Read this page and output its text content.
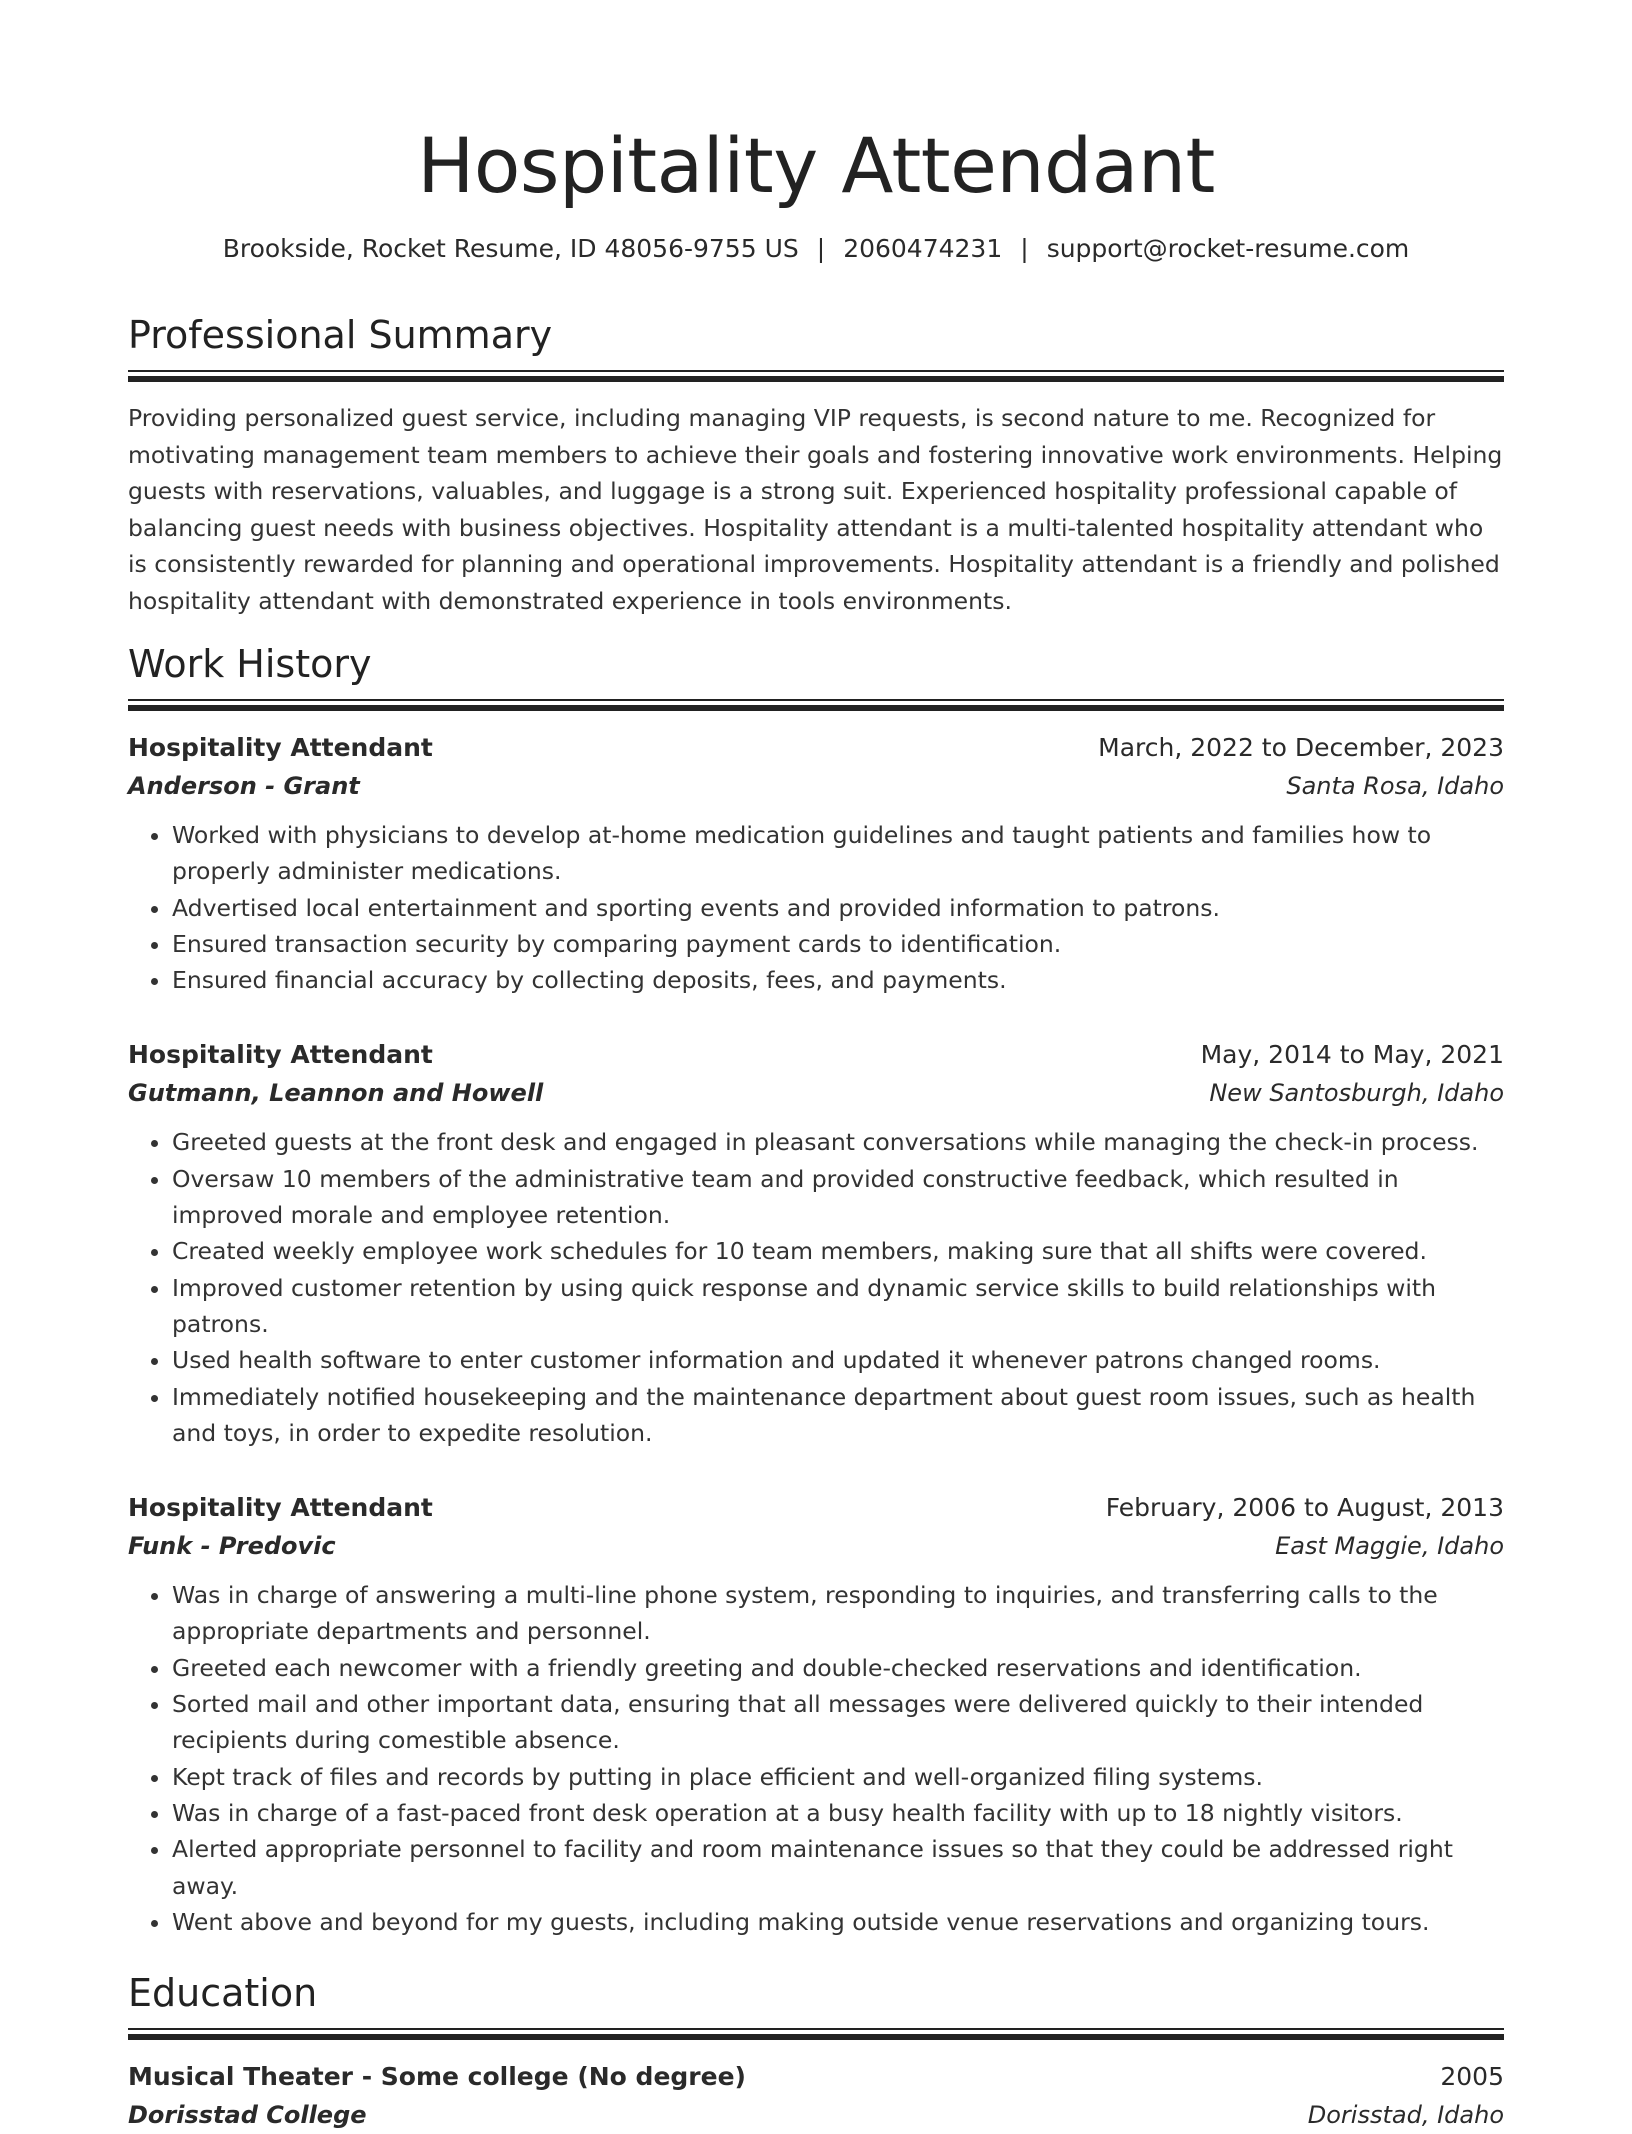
Hospitality Attendant
Brookside, Rocket Resume, ID 48056-9755 US | 2060474231 | support@rocket-resume.com
Professional Summary
Providing personalized guest service, including managing VIP requests, is second nature to me. Recognized for motivating management team members to achieve their goals and fostering innovative work environments. Helping guests with reservations, valuables, and luggage is a strong suit. Experienced hospitality professional capable of balancing guest needs with business objectives. Hospitality attendant is a multi-talented hospitality attendant who is consistently rewarded for planning and operational improvements. Hospitality attendant is a friendly and polished hospitality attendant with demonstrated experience in tools environments.
Work History
Hospitality Attendant	March, 2022 to December, 2023
Anderson - Grant	Santa Rosa, Idaho
• Worked with physicians to develop at-home medication guidelines and taught patients and families how to properly administer medications.
• Advertised local entertainment and sporting events and provided information to patrons.
• Ensured transaction security by comparing payment cards to identification.
• Ensured financial accuracy by collecting deposits, fees, and payments.
Hospitality Attendant	May, 2014 to May, 2021
Gutmann, Leannon and Howell	New Santosburgh, Idaho
• Greeted guests at the front desk and engaged in pleasant conversations while managing the check-in process.
• Oversaw 10 members of the administrative team and provided constructive feedback, which resulted in improved morale and employee retention.
• Created weekly employee work schedules for 10 team members, making sure that all shifts were covered.
• Improved customer retention by using quick response and dynamic service skills to build relationships with patrons.
• Used health software to enter customer information and updated it whenever patrons changed rooms.
• Immediately notified housekeeping and the maintenance department about guest room issues, such as health and toys, in order to expedite resolution.
Hospitality Attendant	February, 2006 to August, 2013
Funk - Predovic	East Maggie, Idaho
• Was in charge of answering a multi-line phone system, responding to inquiries, and transferring calls to the appropriate departments and personnel.
• Greeted each newcomer with a friendly greeting and double-checked reservations and identification.
• Sorted mail and other important data, ensuring that all messages were delivered quickly to their intended recipients during comestible absence.
• Kept track of files and records by putting in place efficient and well-organized filing systems.
• Was in charge of a fast-paced front desk operation at a busy health facility with up to 18 nightly visitors.
• Alerted appropriate personnel to facility and room maintenance issues so that they could be addressed right away.
• Went above and beyond for my guests, including making outside venue reservations and organizing tours.
Education
Musical Theater - Some college (No degree)	2005
Dorisstad College	Dorisstad, Idaho
